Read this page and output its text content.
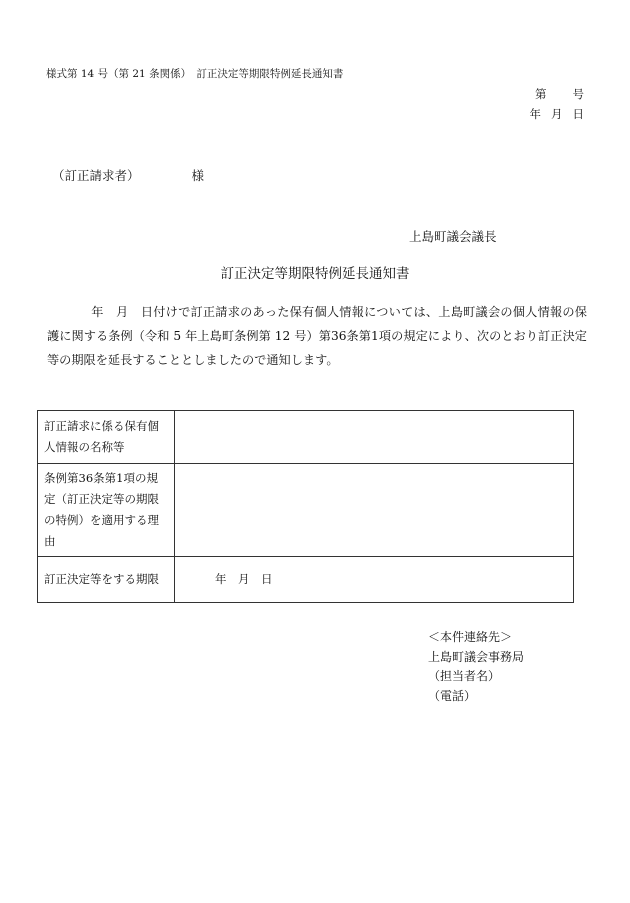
様式第 14 号（第 21 条関係）　訂正決定等期限特例延長通知書
第 号
年 月 日
（訂正請求者）	様
上島町議会議長
訂正決定等期限特例延長通知書
年　月　日付けで訂正請求のあった保有個人情報については、上島町議会の個人情報の保護に関する条例（令和 5 年上島町条例第 12 号）第36条第1項の規定により、次のとおり訂正決定等の期限を延長することとしましたので通知します。
訂正請求に係る保有個人情報の名称等	
条例第36条第1項の規定（訂正決定等の期限の特例）を適用する理由	
訂正決定等をする期限	年　月　日
＜本件連絡先＞
上島町議会事務局
（担当者名）
（電話）
